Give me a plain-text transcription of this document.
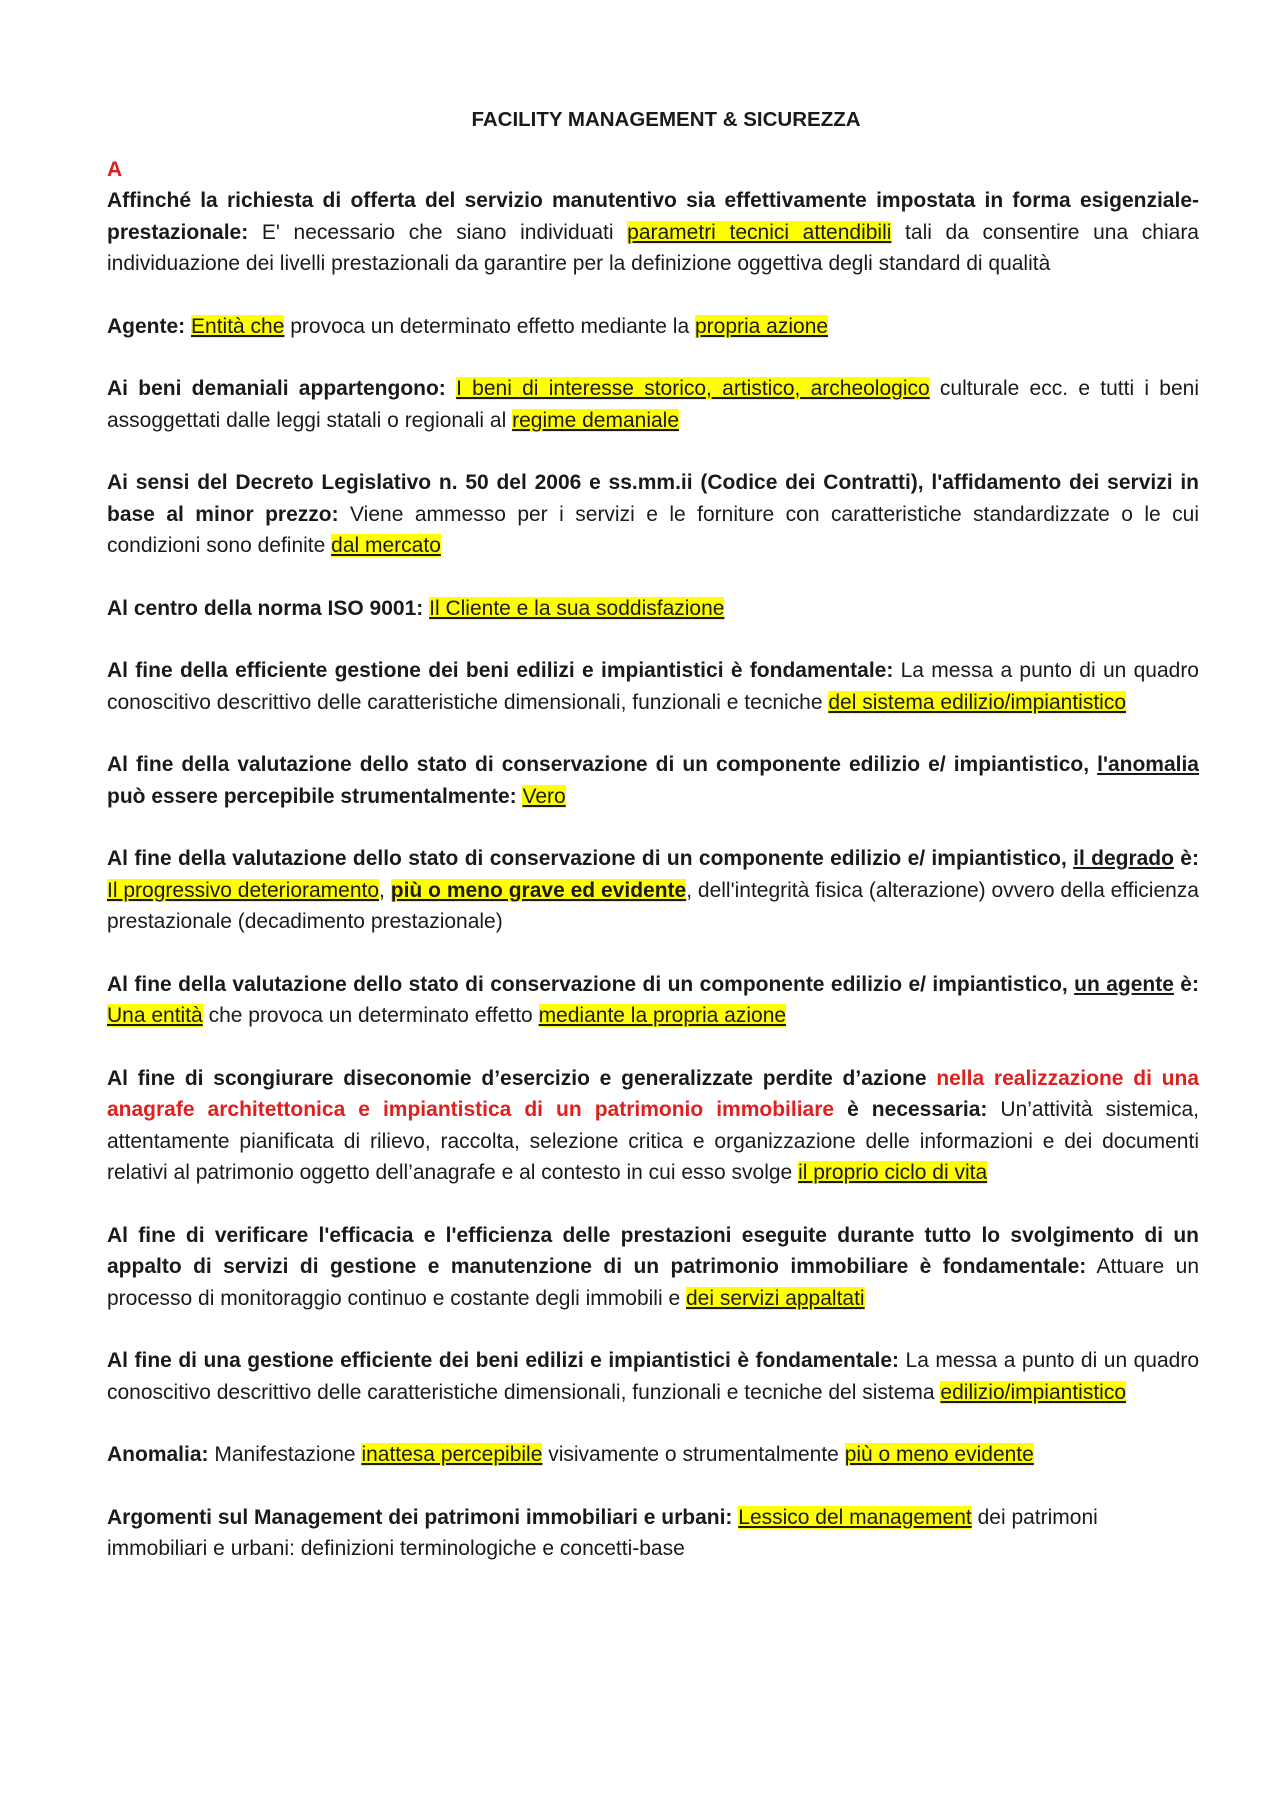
FACILITY MANAGEMENT & SICUREZZA

A

Affinché la richiesta di offerta del servizio manutentivo sia effettivamente impostata in forma esigenziale-prestazionale: E' necessario che siano individuati parametri tecnici attendibili tali da consentire una chiara individuazione dei livelli prestazionali da garantire per la definizione oggettiva degli standard di qualità

Agente: Entità che provoca un determinato effetto mediante la propria azione

Ai beni demaniali appartengono: I beni di interesse storico, artistico, archeologico culturale ecc. e tutti i beni assoggettati dalle leggi statali o regionali al regime demaniale

Ai sensi del Decreto Legislativo n. 50 del 2006 e ss.mm.ii (Codice dei Contratti), l'affidamento dei servizi in base al minor prezzo: Viene ammesso per i servizi e le forniture con caratteristiche standardizzate o le cui condizioni sono definite dal mercato

Al centro della norma ISO 9001: Il Cliente e la sua soddisfazione

Al fine della efficiente gestione dei beni edilizi e impiantistici è fondamentale: La messa a punto di un quadro conoscitivo descrittivo delle caratteristiche dimensionali, funzionali e tecniche del sistema edilizio/impiantistico

Al fine della valutazione dello stato di conservazione di un componente edilizio e/ impiantistico, l'anomalia può essere percepibile strumentalmente: Vero

Al fine della valutazione dello stato di conservazione di un componente edilizio e/ impiantistico, il degrado è: Il progressivo deterioramento, più o meno grave ed evidente, dell'integrità fisica (alterazione) ovvero della efficienza prestazionale (decadimento prestazionale)

Al fine della valutazione dello stato di conservazione di un componente edilizio e/ impiantistico, un agente è: Una entità che provoca un determinato effetto mediante la propria azione

Al fine di scongiurare diseconomie d’esercizio e generalizzate perdite d’azione nella realizzazione di una anagrafe architettonica e impiantistica di un patrimonio immobiliare è necessaria: Un’attività sistemica, attentamente pianificata di rilievo, raccolta, selezione critica e organizzazione delle informazioni e dei documenti relativi al patrimonio oggetto dell’anagrafe e al contesto in cui esso svolge il proprio ciclo di vita

Al fine di verificare l'efficacia e l'efficienza delle prestazioni eseguite durante tutto lo svolgimento di un appalto di servizi di gestione e manutenzione di un patrimonio immobiliare è fondamentale: Attuare un processo di monitoraggio continuo e costante degli immobili e dei servizi appaltati

Al fine di una gestione efficiente dei beni edilizi e impiantistici è fondamentale: La messa a punto di un quadro conoscitivo descrittivo delle caratteristiche dimensionali, funzionali e tecniche del sistema edilizio/impiantistico

Anomalia: Manifestazione inattesa percepibile visivamente o strumentalmente più o meno evidente

Argomenti sul Management dei patrimoni immobiliari e urbani: Lessico del management dei patrimoni immobiliari e urbani: definizioni terminologiche e concetti-base
